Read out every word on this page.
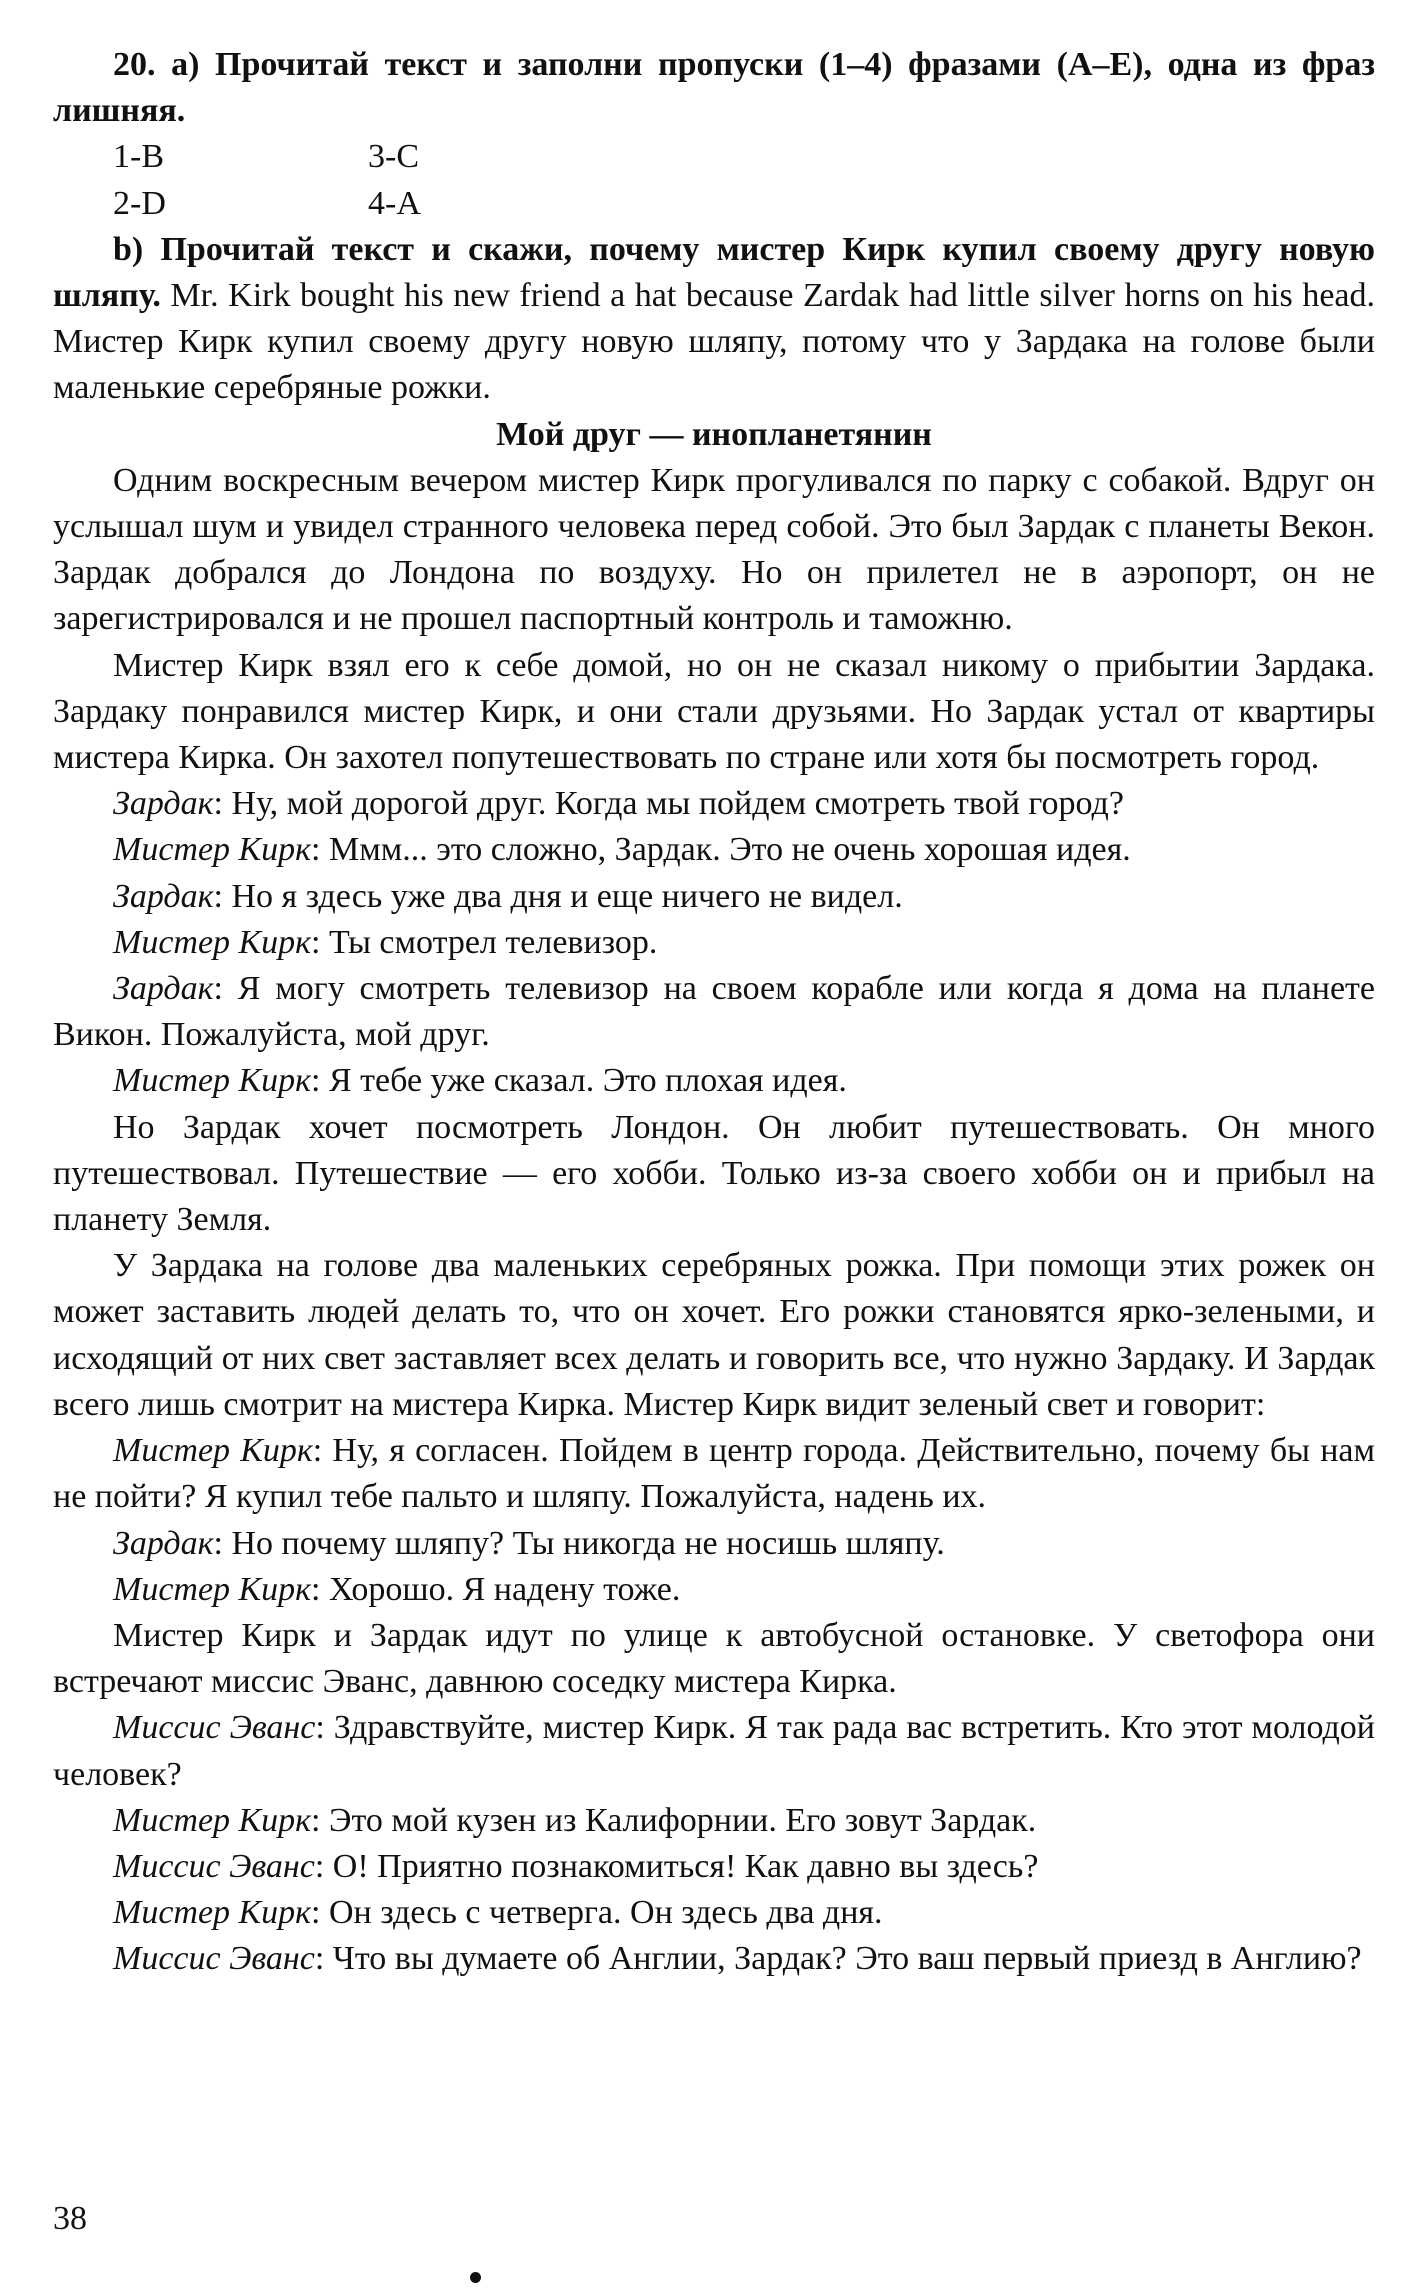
20. а) Прочитай текст и заполни пропуски (1–4) фразами (A–E), одна из фраз лишняя.
1-B	3-C
2-D	4-A
b) Прочитай текст и скажи, почему мистер Кирк купил своему другу новую шляпу. Mr. Kirk bought his new friend a hat because Zardak had little silver horns on his head. Мистер Кирк купил своему другу новую шляпу, потому что у Зардака на голове были маленькие серебряные рожки.
Мой друг — инопланетянин
Одним воскресным вечером мистер Кирк прогуливался по парку с собакой. Вдруг он услышал шум и увидел странного человека перед собой. Это был Зардак с планеты Векон. Зардак добрался до Лондона по воздуху. Но он прилетел не в аэропорт, он не зарегистрировался и не прошел паспортный контроль и таможню.
Мистер Кирк взял его к себе домой, но он не сказал никому о прибытии Зардака. Зардаку понравился мистер Кирк, и они стали друзьями. Но Зардак устал от квартиры мистера Кирка. Он захотел попутешествовать по стране или хотя бы посмотреть город.
Зардак: Ну, мой дорогой друг. Когда мы пойдем смотреть твой город?
Мистер Кирк: Ммм... это сложно, Зардак. Это не очень хорошая идея.
Зардак: Но я здесь уже два дня и еще ничего не видел.
Мистер Кирк: Ты смотрел телевизор.
Зардак: Я могу смотреть телевизор на своем корабле или когда я дома на планете Викон. Пожалуйста, мой друг.
Мистер Кирк: Я тебе уже сказал. Это плохая идея.
Но Зардак хочет посмотреть Лондон. Он любит путешествовать. Он много путешествовал. Путешествие — его хобби. Только из-за своего хобби он и прибыл на планету Земля.
У Зардака на голове два маленьких серебряных рожка. При помощи этих рожек он может заставить людей делать то, что он хочет. Его рожки становятся ярко-зелеными, и исходящий от них свет заставляет всех делать и говорить все, что нужно Зардаку. И Зардак всего лишь смотрит на мистера Кирка. Мистер Кирк видит зеленый свет и говорит:
Мистер Кирк: Ну, я согласен. Пойдем в центр города. Действительно, почему бы нам не пойти? Я купил тебе пальто и шляпу. Пожалуйста, надень их.
Зардак: Но почему шляпу? Ты никогда не носишь шляпу.
Мистер Кирк: Хорошо. Я надену тоже.
Мистер Кирк и Зардак идут по улице к автобусной остановке. У светофора они встречают миссис Эванс, давнюю соседку мистера Кирка.
Миссис Эванс: Здравствуйте, мистер Кирк. Я так рада вас встретить. Кто этот молодой человек?
Мистер Кирк: Это мой кузен из Калифорнии. Его зовут Зардак.
Миссис Эванс: О! Приятно познакомиться! Как давно вы здесь?
Мистер Кирк: Он здесь с четверга. Он здесь два дня.
Миссис Эванс: Что вы думаете об Англии, Зардак? Это ваш первый приезд в Англию?
38
